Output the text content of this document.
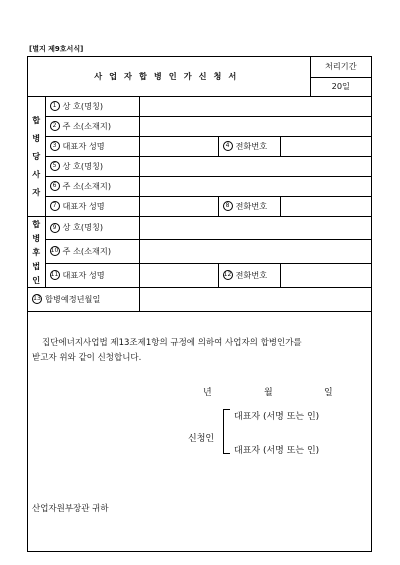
[별지 제9호서식]
사업자합병인가신청서					처리기간
					20일

합
병
당
사
자	1 상 호(명칭)				
	2 주 소(소재지)				
	3 대표자 성명		4 전화번호		
	5 상 호(명칭)				
	6 주 소(소재지)				
	7 대표자 성명		8 전화번호		

합
병
후
법
인	9 상 호(명칭)				
	10 주 소(소재지)				
	11 대표자 성명		12 전화번호		
13 합병예정년월일					
집단에너지사업법 제13조제1항의 규정에 의하여 사업자의 합병인가를
받고자 위와 같이 신청합니다.
년	월	일
신청인
대표자 (서명 또는 인)
대표자 (서명 또는 인)
산업자원부장관 귀하
